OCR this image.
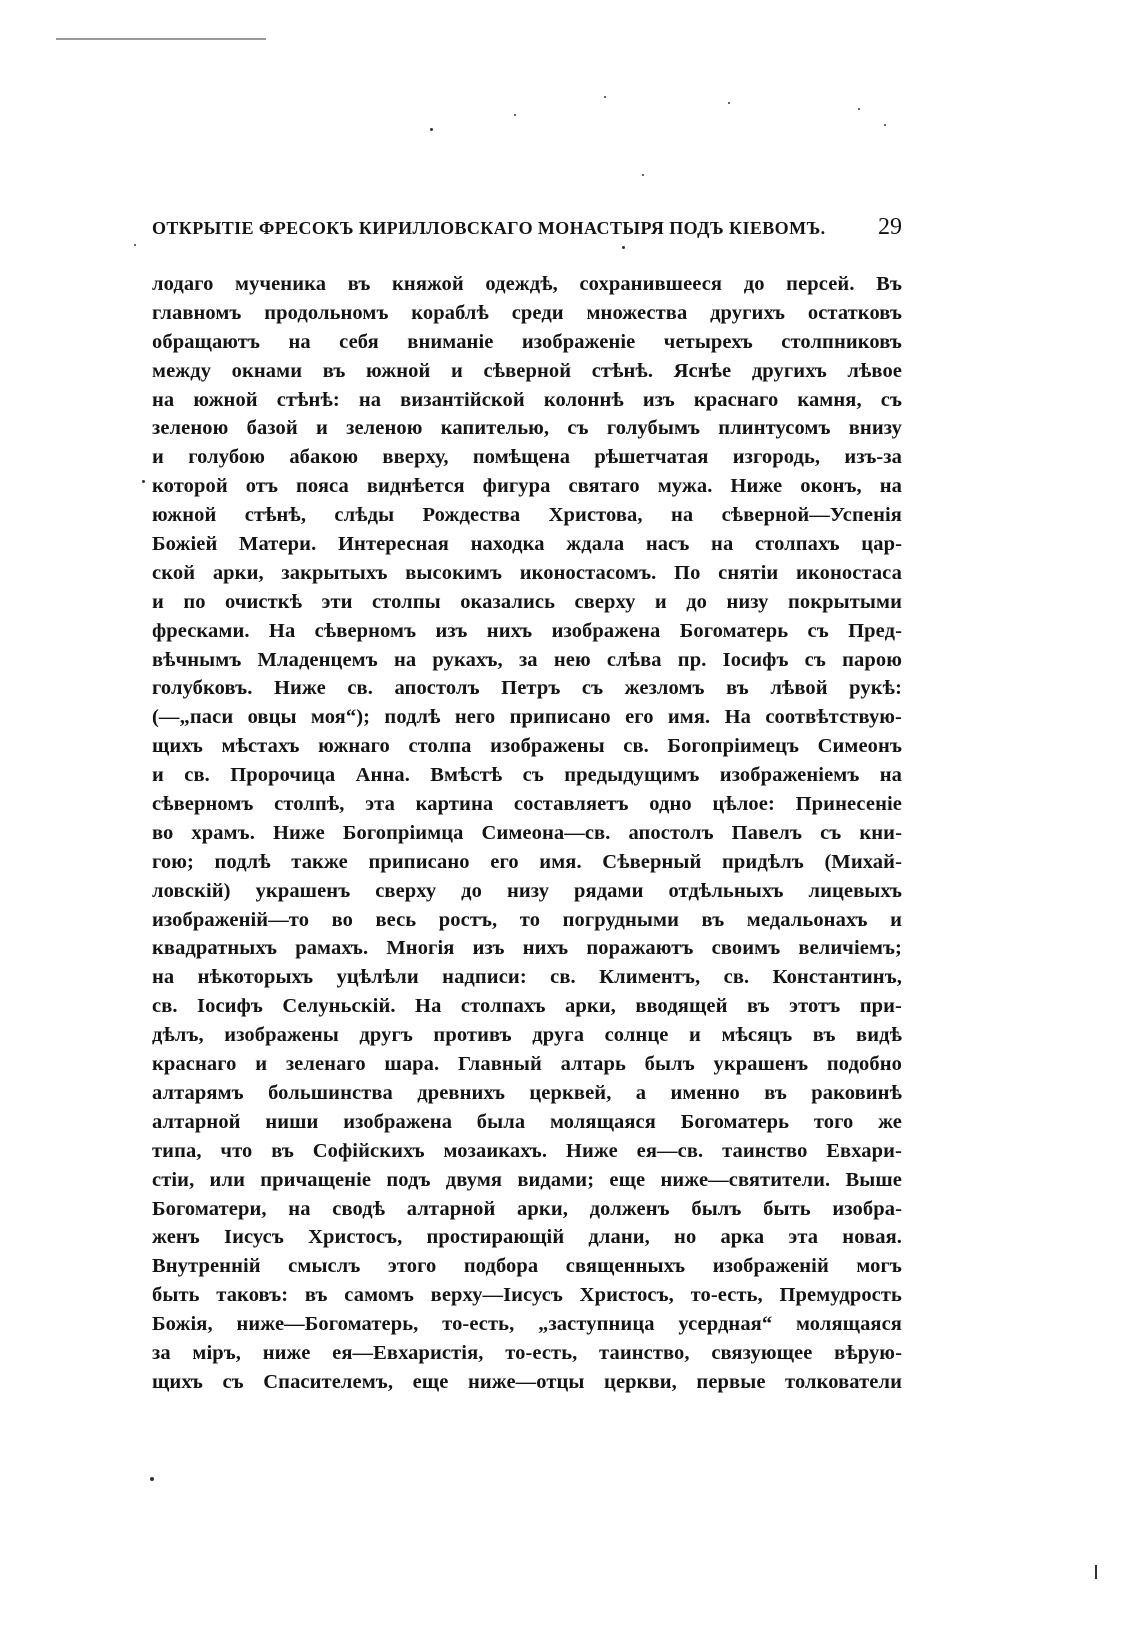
ОТКРЫТІЕ ФРЕСОКЪ КИРИЛЛОВСКАГО МОНАСТЫРЯ ПОДЪ КІЕВОМЪ. 29
лодаго мученика въ княжой одеждѣ, сохранившееся до персей. Въ
главномъ продольномъ кораблѣ среди множества другихъ остатковъ
обращаютъ на себя вниманіе изображеніе четырехъ столпниковъ
между окнами въ южной и сѣверной стѣнѣ. Яснѣе другихъ лѣвое
на южной стѣнѣ: на византійской колоннѣ изъ краснаго камня, съ
зеленою базой и зеленою капителью, съ голубымъ плинтусомъ внизу
и голубою абакою вверху, помѣщена рѣшетчатая изгородь, изъ-за
которой отъ пояса виднѣется фигура святаго мужа. Ниже оконъ, на
южной стѣнѣ, слѣды Рождества Христова, на сѣверной—Успенія
Божіей Матери. Интересная находка ждала насъ на столпахъ цар-
ской арки, закрытыхъ высокимъ иконостасомъ. По снятіи иконостаса
и по очисткѣ эти столпы оказались сверху и до низу покрытыми
фресками. На сѣверномъ изъ нихъ изображена Богоматерь съ Пред-
вѣчнымъ Младенцемъ на рукахъ, за нею слѣва пр. Іосифъ съ парою
голубковъ. Ниже св. апостолъ Петръ съ жезломъ въ лѣвой рукѣ:
(—„паси овцы моя“); подлѣ него приписано его имя. На соотвѣтствую-
щихъ мѣстахъ южнаго столпа изображены св. Богопріимецъ Симеонъ
и св. Пророчица Анна. Вмѣстѣ съ предыдущимъ изображеніемъ на
сѣверномъ столпѣ, эта картина составляетъ одно цѣлое: Принесеніе
во храмъ. Ниже Богопріимца Симеона—св. апостолъ Павелъ съ кни-
гою; подлѣ также приписано его имя. Сѣверный придѣлъ (Михай-
ловскій) украшенъ сверху до низу рядами отдѣльныхъ лицевыхъ
изображеній—то во весь ростъ, то погрудными въ медальонахъ и
квадратныхъ рамахъ. Многія изъ нихъ поражаютъ своимъ величіемъ;
на нѣкоторыхъ уцѣлѣли надписи: св. Климентъ, св. Константинъ,
св. Іосифъ Селуньскій. На столпахъ арки, вводящей въ этотъ при-
дѣлъ, изображены другъ противъ друга солнце и мѣсяцъ въ видѣ
краснаго и зеленаго шара. Главный алтарь былъ украшенъ подобно
алтарямъ большинства древнихъ церквей, а именно въ раковинѣ
алтарной ниши изображена была молящаяся Богоматерь того же
типа, что въ Софійскихъ мозаикахъ. Ниже ея—св. таинство Евхари-
стіи, или причащеніе подъ двумя видами; еще ниже—святители. Выше
Богоматери, на сводѣ алтарной арки, долженъ былъ быть изобра-
женъ Іисусъ Христосъ, простирающій длани, но арка эта новая.
Внутренній смыслъ этого подбора священныхъ изображеній могъ
быть таковъ: въ самомъ верху—Іисусъ Христосъ, то-есть, Премудрость
Божія, ниже—Богоматерь, то-есть, „заступница усердная“ молящаяся
за міръ, ниже ея—Евхаристія, то-есть, таинство, связующее вѣрую-
щихъ съ Спасителемъ, еще ниже—отцы церкви, первые толкователи
